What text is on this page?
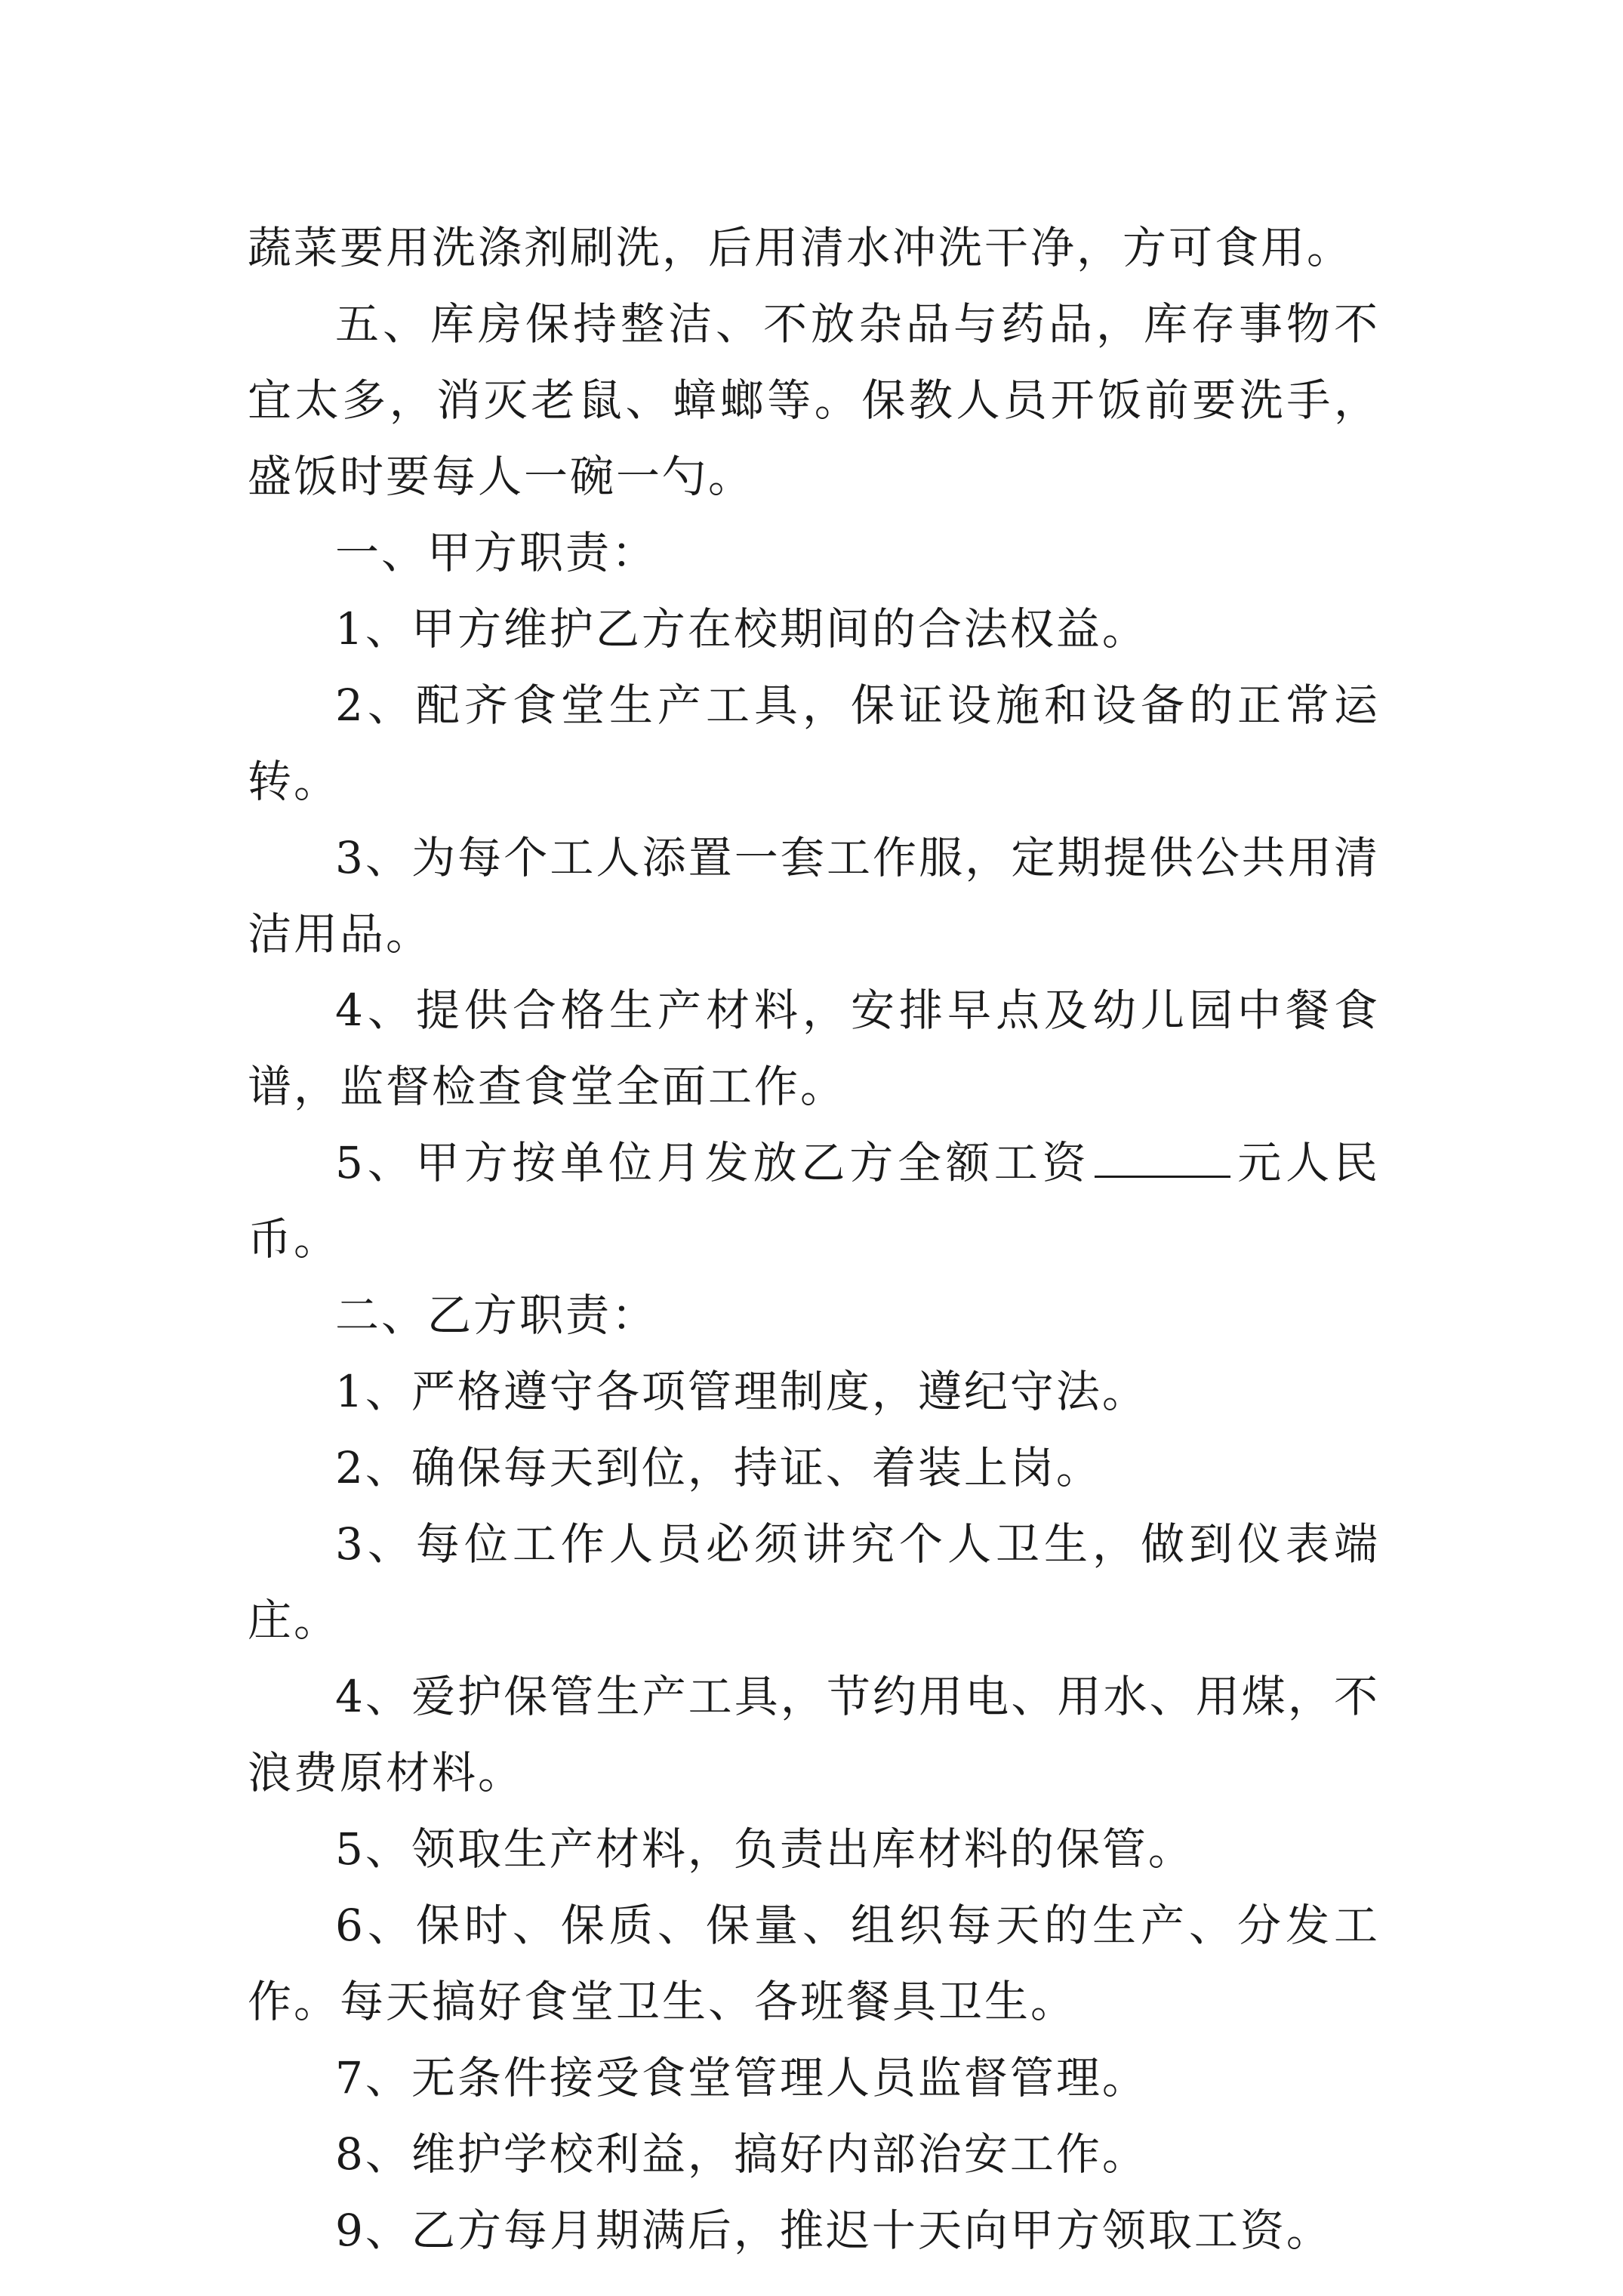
蔬菜要用洗涤剂刷洗，后用清水冲洗干净，方可食用。

五、库房保持整洁、不放杂品与药品，库存事物不宜太多，消灭老鼠、蟑螂等。保教人员开饭前要洗手，盛饭时要每人一碗一勺。

一、甲方职责：

1、甲方维护乙方在校期间的合法权益。

2、配齐食堂生产工具，保证设施和设备的正常运转。

3、为每个工人添置一套工作服，定期提供公共用清洁用品。

4、提供合格生产材料，安排早点及幼儿园中餐食谱，监督检查食堂全面工作。

5、甲方按单位月发放乙方全额工资	元人民币。

二、乙方职责：

1、严格遵守各项管理制度，遵纪守法。

2、确保每天到位，持证、着装上岗。

3、每位工作人员必须讲究个人卫生，做到仪表端庄。

4、爱护保管生产工具，节约用电、用水、用煤，不浪费原材料。

5、领取生产材料，负责出库材料的保管。

6、保时、保质、保量、组织每天的生产、分发工作。每天搞好食堂卫生、各班餐具卫生。

7、无条件接受食堂管理人员监督管理。

8、维护学校利益，搞好内部治安工作。

9、乙方每月期满后，推迟十天向甲方领取工资。
